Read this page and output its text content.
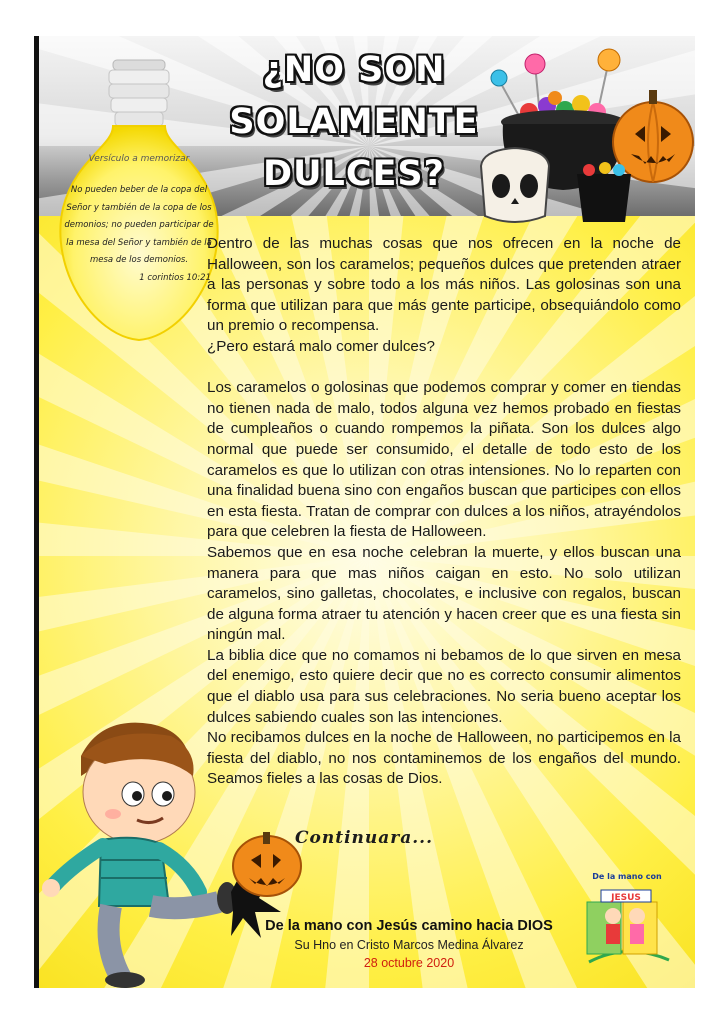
¿NO SON
SOLAMENTE
DULCES?
Versículo a memorizar
No pueden beber de la copa del Señor y también de la copa de los demonios; no pueden participar de la mesa del Señor y también de la mesa de los demonios.
1 corintios 10:21

Dentro de las muchas cosas que nos ofrecen en la noche de Halloween, son los caramelos; pequeños dulces que pretenden atraer a las personas y sobre todo a los más niños. Las golosinas son una forma que utilizan para que más gente participe, obsequiándolo como un premio o recompensa.

¿Pero estará malo comer dulces?

Los caramelos o golosinas que podemos comprar y comer en tiendas no tienen nada de malo, todos alguna vez hemos probado en fiestas de cumpleaños o cuando rompemos la piñata. Son los dulces algo normal que puede ser consumido, el detalle de todo esto de los caramelos es que lo utilizan con otras intensiones. No lo reparten con una finalidad buena sino con engaños buscan que participes con ellos en esta fiesta. Tratan de comprar con dulces a los niños, atrayéndolos para que celebren la fiesta de Halloween.

Sabemos que en esa noche celebran la muerte, y ellos buscan una manera para que mas niños caigan en esto. No solo utilizan caramelos, sino galletas, chocolates, e inclusive con regalos, buscan de alguna forma atraer tu atención y hacen creer que es una fiesta sin ningún mal.

La biblia dice que no comamos ni bebamos de lo que sirven en mesa del enemigo, esto quiere decir que no es correcto consumir alimentos que el diablo usa para sus celebraciones. No seria bueno aceptar los dulces sabiendo cuales son las intenciones.

No recibamos dulces en la noche de Halloween, no participemos en la fiesta del diablo, no nos contaminemos de los engaños del mundo. Seamos fieles a las cosas de Dios.

Continuara...
De la mano con Jesús camino hacia DIOS
Su Hno en Cristo Marcos Medina Álvarez
28 octubre 2020
JESUS
De la mano con
